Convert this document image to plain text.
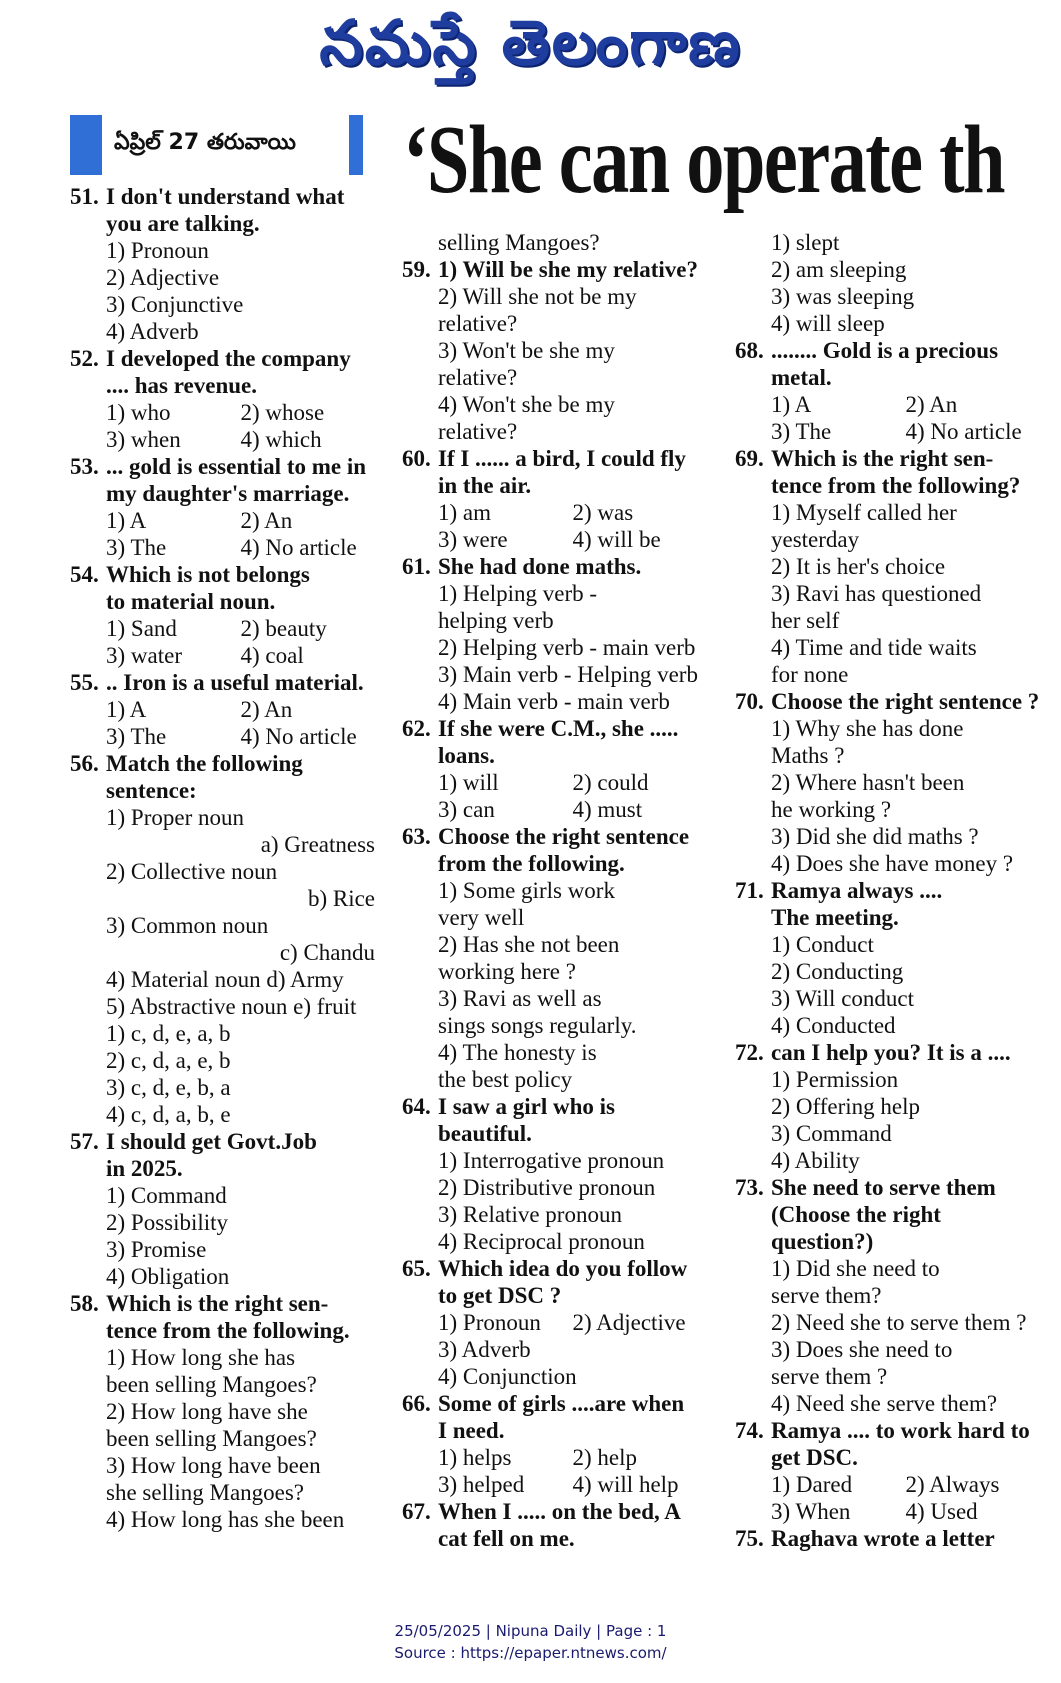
నమస్తే తెలంగాణ
ఏప్రిల్ 27 తరువాయి	‘She can operate th
51. I don't understand what
you are talking.
1) Pronoun
2) Adjective
3) Conjunctive
4) Adverb
52. I developed the company
.... has revenue.
1) who	2) whose
3) when	4) which
53. ... gold is essential to me in
my daughter's marriage.
1) A	2) An
3) The	4) No article
54. Which is not belongs
to material noun.
1) Sand	2) beauty
3) water	4) coal
55. .. Iron is a useful material.
1) A	2) An
3) The	4) No article
56. Match the following
sentence:
1) Proper noun
a) Greatness
2) Collective noun
b) Rice
3) Common noun
c) Chandu
4) Material noun d) Army
5) Abstractive noun e) fruit
1) c, d, e, a, b
2) c, d, a, e, b
3) c, d, e, b, a
4) c, d, a, b, e
57. I should get Govt.Job
in 2025.
1) Command
2) Possibility
3) Promise
4) Obligation
58. Which is the right sen-
tence from the following.
1) How long she has
been selling Mangoes?
2) How long have she
been selling Mangoes?
3) How long have been
she selling Mangoes?
4) How long has she been
selling Mangoes?
59. 1) Will be she my relative?
2) Will she not be my
relative?
3) Won't be she my
relative?
4) Won't she be my
relative?
60. If I ...... a bird, I could fly
in the air.
1) am	2) was
3) were	4) will be
61. She had done maths.
1) Helping verb -
helping verb
2) Helping verb - main verb
3) Main verb - Helping verb
4) Main verb - main verb
62. If she were C.M., she .....
loans.
1) will	2) could
3) can	4) must
63. Choose the right sentence
from the following.
1) Some girls work
very well
2) Has she not been
working here ?
3) Ravi as well as
sings songs regularly.
4) The honesty is
the best policy
64. I saw a girl who is beautiful.
1) Interrogative pronoun
2) Distributive pronoun
3) Relative pronoun
4) Reciprocal pronoun
65. Which idea do you follow
to get DSC ?
1) Pronoun	2) Adjective
3) Adverb
4) Conjunction
66. Some of girls ....are when
I need.
1) helps	2) help
3) helped	4) will help
67. When I ..... on the bed, A
cat fell on me.
1) slept
2) am sleeping
3) was sleeping
4) will sleep
68. ........ Gold is a precious
metal.
1) A	2) An
3) The	4) No article
69. Which is the right sen-
tence from the following?
1) Myself called her
yesterday
2) It is her's choice
3) Ravi has questioned
her self
4) Time and tide waits
for none
70. Choose the right sentence ?
1) Why she has done
Maths ?
2) Where hasn't been
he working ?
3) Did she did maths ?
4) Does she have money ?
71. Ramya always ....
The meeting.
1) Conduct
2) Conducting
3) Will conduct
4) Conducted
72. can I help you? It is a ....
1) Permission
2) Offering help
3) Command
4) Ability
73. She need to serve them
(Choose the right question?)
1) Did she need to
serve them?
2) Need she to serve them ?
3) Does she need to
serve them ?
4) Need she serve them?
74. Ramya .... to work hard to
get DSC.
1) Dared	2) Always
3) When	4) Used
75. Raghava wrote a letter
25/05/2025 | Nipuna Daily | Page : 1
Source : https://epaper.ntnews.com/
